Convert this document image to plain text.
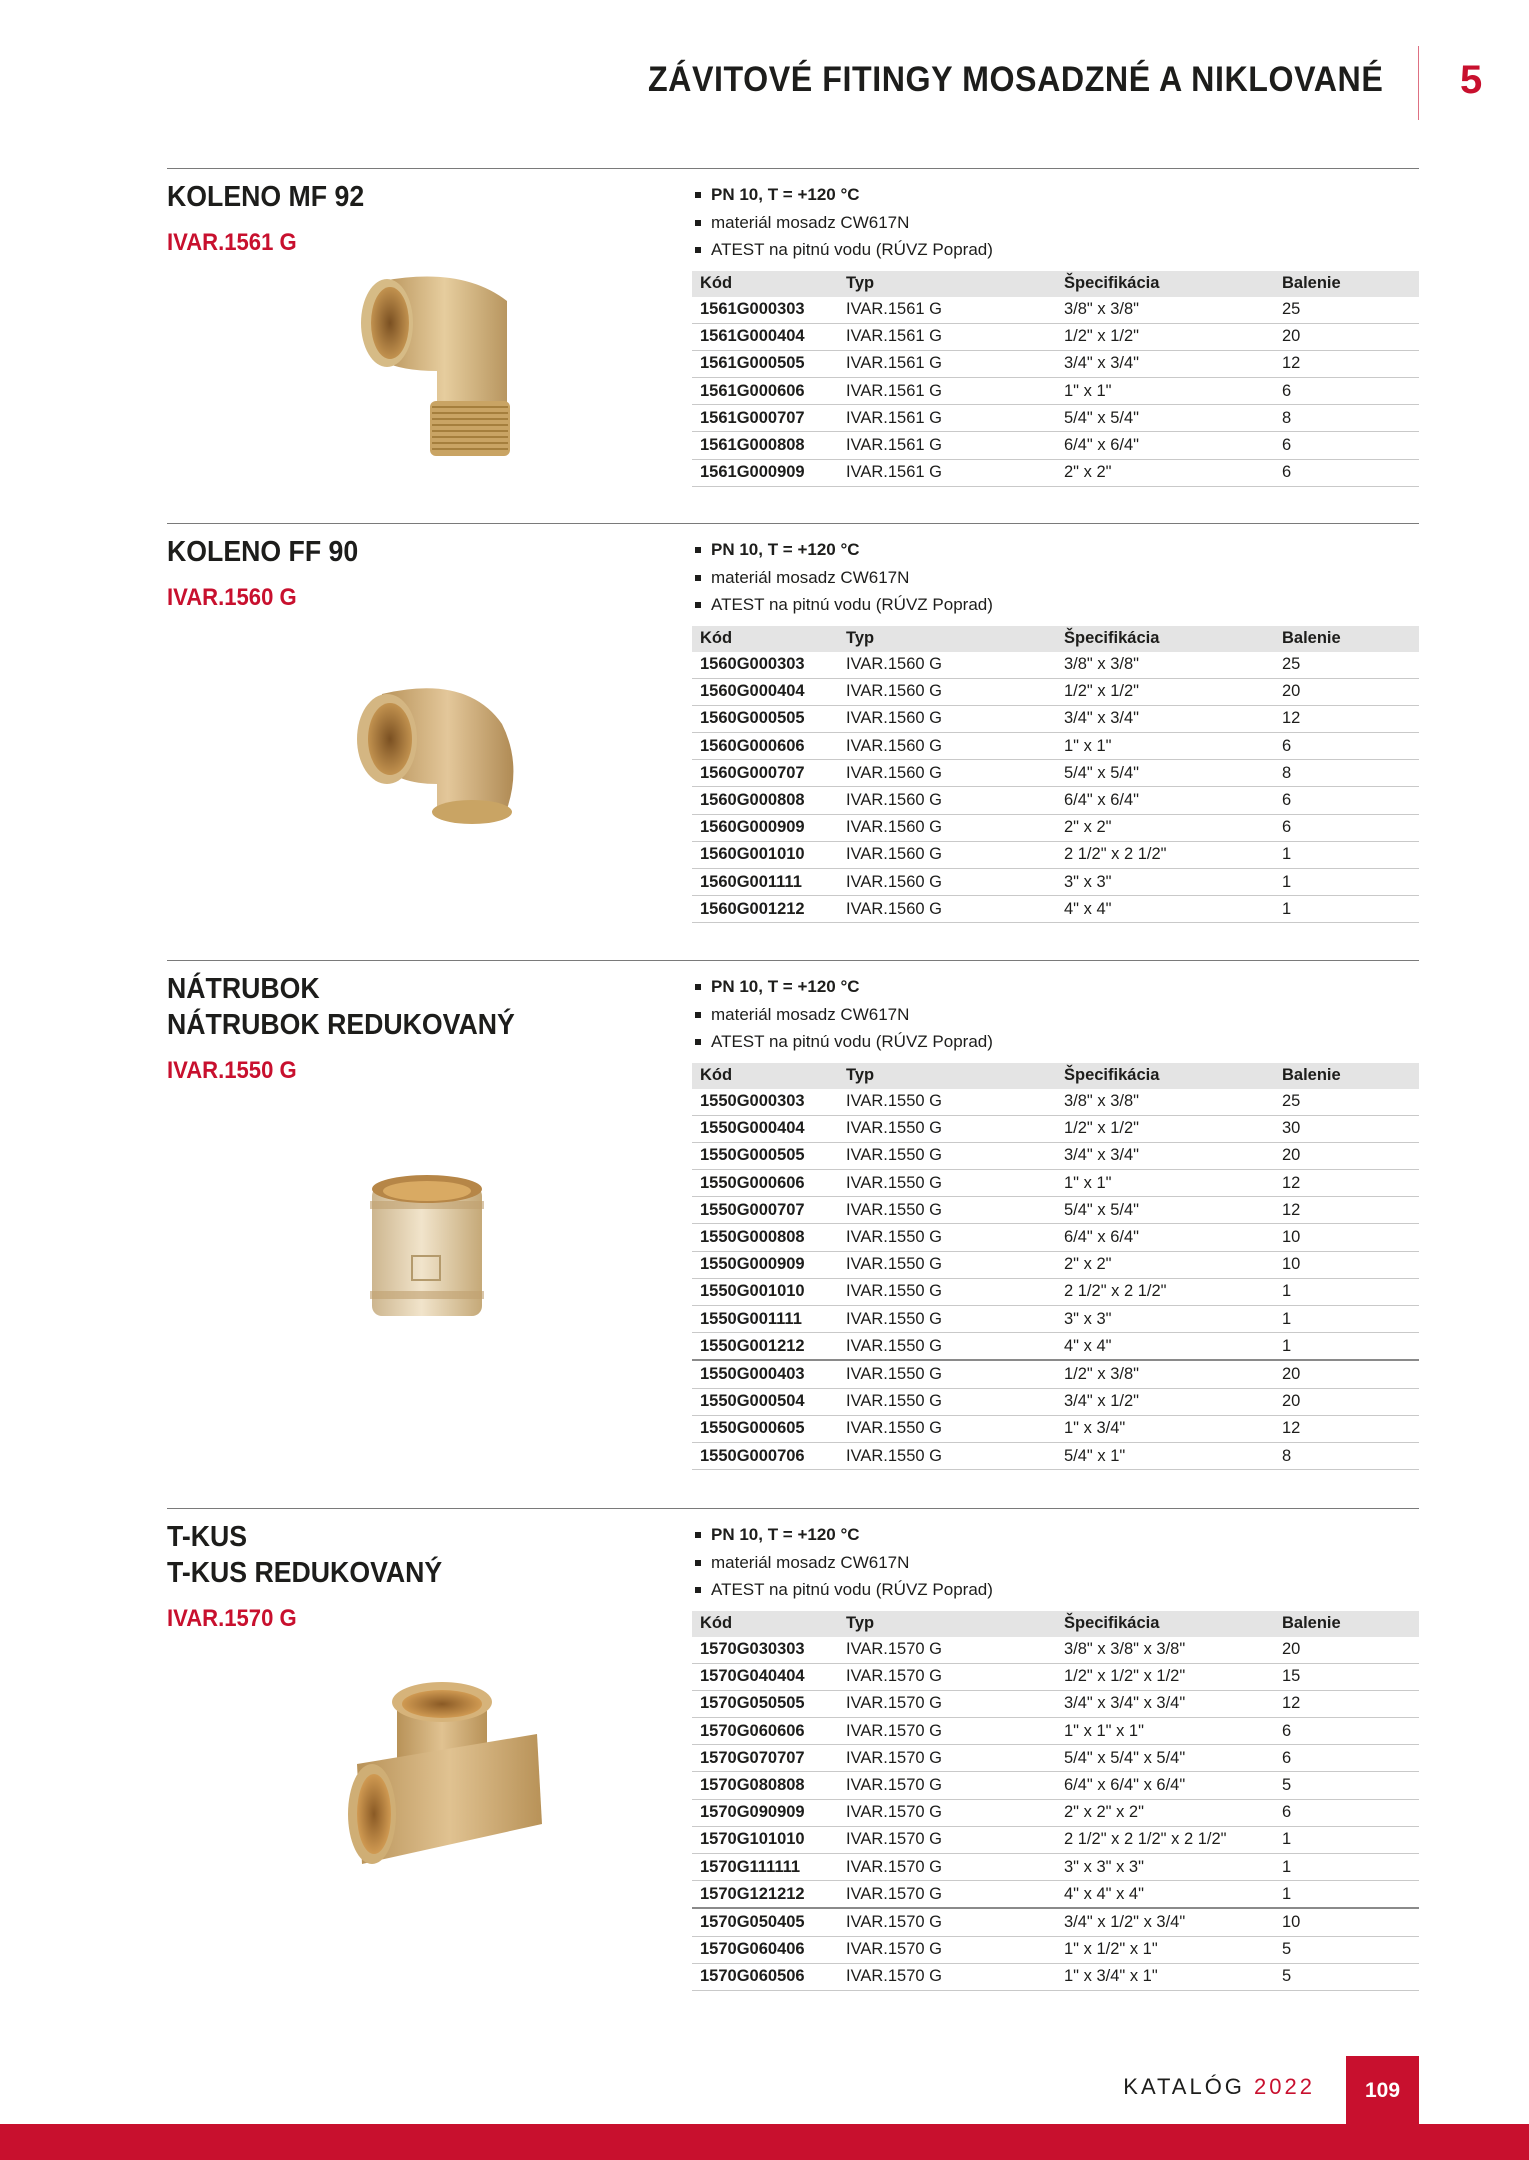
ZÁVITOVÉ FITINGY MOSADZNÉ A NIKLOVANÉ 5
KOLENO MF 92
IVAR.1561 G
PN 10, T = +120 °C
materiál mosadz CW617N
ATEST na pitnú vodu (RÚVZ Poprad)
Kód	Typ	Špecifikácia	Balenie
1561G000303	IVAR.1561 G	3/8" x 3/8"	25
1561G000404	IVAR.1561 G	1/2" x 1/2"	20
1561G000505	IVAR.1561 G	3/4" x 3/4"	12
1561G000606	IVAR.1561 G	1" x 1"	6
1561G000707	IVAR.1561 G	5/4" x 5/4"	8
1561G000808	IVAR.1561 G	6/4" x 6/4"	6
1561G000909	IVAR.1561 G	2" x 2"	6
KOLENO FF 90
IVAR.1560 G
PN 10, T = +120 °C
materiál mosadz CW617N
ATEST na pitnú vodu (RÚVZ Poprad)
Kód	Typ	Špecifikácia	Balenie
1560G000303	IVAR.1560 G	3/8" x 3/8"	25
1560G000404	IVAR.1560 G	1/2" x 1/2"	20
1560G000505	IVAR.1560 G	3/4" x 3/4"	12
1560G000606	IVAR.1560 G	1" x 1"	6
1560G000707	IVAR.1560 G	5/4" x 5/4"	8
1560G000808	IVAR.1560 G	6/4" x 6/4"	6
1560G000909	IVAR.1560 G	2" x 2"	6
1560G001010	IVAR.1560 G	2 1/2" x 2 1/2"	1
1560G001111	IVAR.1560 G	3" x 3"	1
1560G001212	IVAR.1560 G	4" x 4"	1
NÁTRUBOK
NÁTRUBOK REDUKOVANÝ
IVAR.1550 G
PN 10, T = +120 °C
materiál mosadz CW617N
ATEST na pitnú vodu (RÚVZ Poprad)
Kód	Typ	Špecifikácia	Balenie
1550G000303	IVAR.1550 G	3/8" x 3/8"	25
1550G000404	IVAR.1550 G	1/2" x 1/2"	30
1550G000505	IVAR.1550 G	3/4" x 3/4"	20
1550G000606	IVAR.1550 G	1" x 1"	12
1550G000707	IVAR.1550 G	5/4" x 5/4"	12
1550G000808	IVAR.1550 G	6/4" x 6/4"	10
1550G000909	IVAR.1550 G	2" x 2"	10
1550G001010	IVAR.1550 G	2 1/2" x 2 1/2"	1
1550G001111	IVAR.1550 G	3" x 3"	1
1550G001212	IVAR.1550 G	4" x 4"	1
1550G000403	IVAR.1550 G	1/2" x 3/8"	20
1550G000504	IVAR.1550 G	3/4" x 1/2"	20
1550G000605	IVAR.1550 G	1" x 3/4"	12
1550G000706	IVAR.1550 G	5/4" x 1"	8
T-KUS
T-KUS REDUKOVANÝ
IVAR.1570 G
PN 10, T = +120 °C
materiál mosadz CW617N
ATEST na pitnú vodu (RÚVZ Poprad)
Kód	Typ	Špecifikácia	Balenie
1570G030303	IVAR.1570 G	3/8" x 3/8" x 3/8"	20
1570G040404	IVAR.1570 G	1/2" x 1/2" x 1/2"	15
1570G050505	IVAR.1570 G	3/4" x 3/4" x 3/4"	12
1570G060606	IVAR.1570 G	1" x 1" x 1"	6
1570G070707	IVAR.1570 G	5/4" x 5/4" x 5/4"	6
1570G080808	IVAR.1570 G	6/4" x 6/4" x 6/4"	5
1570G090909	IVAR.1570 G	2" x 2" x 2"	6
1570G101010	IVAR.1570 G	2 1/2" x 2 1/2" x 2 1/2"	1
1570G111111	IVAR.1570 G	3" x 3" x 3"	1
1570G121212	IVAR.1570 G	4" x 4" x 4"	1
1570G050405	IVAR.1570 G	3/4" x 1/2" x 3/4"	10
1570G060406	IVAR.1570 G	1" x 1/2" x 1"	5
1570G060506	IVAR.1570 G	1" x 3/4" x 1"	5
KATALÓG 2022	109
